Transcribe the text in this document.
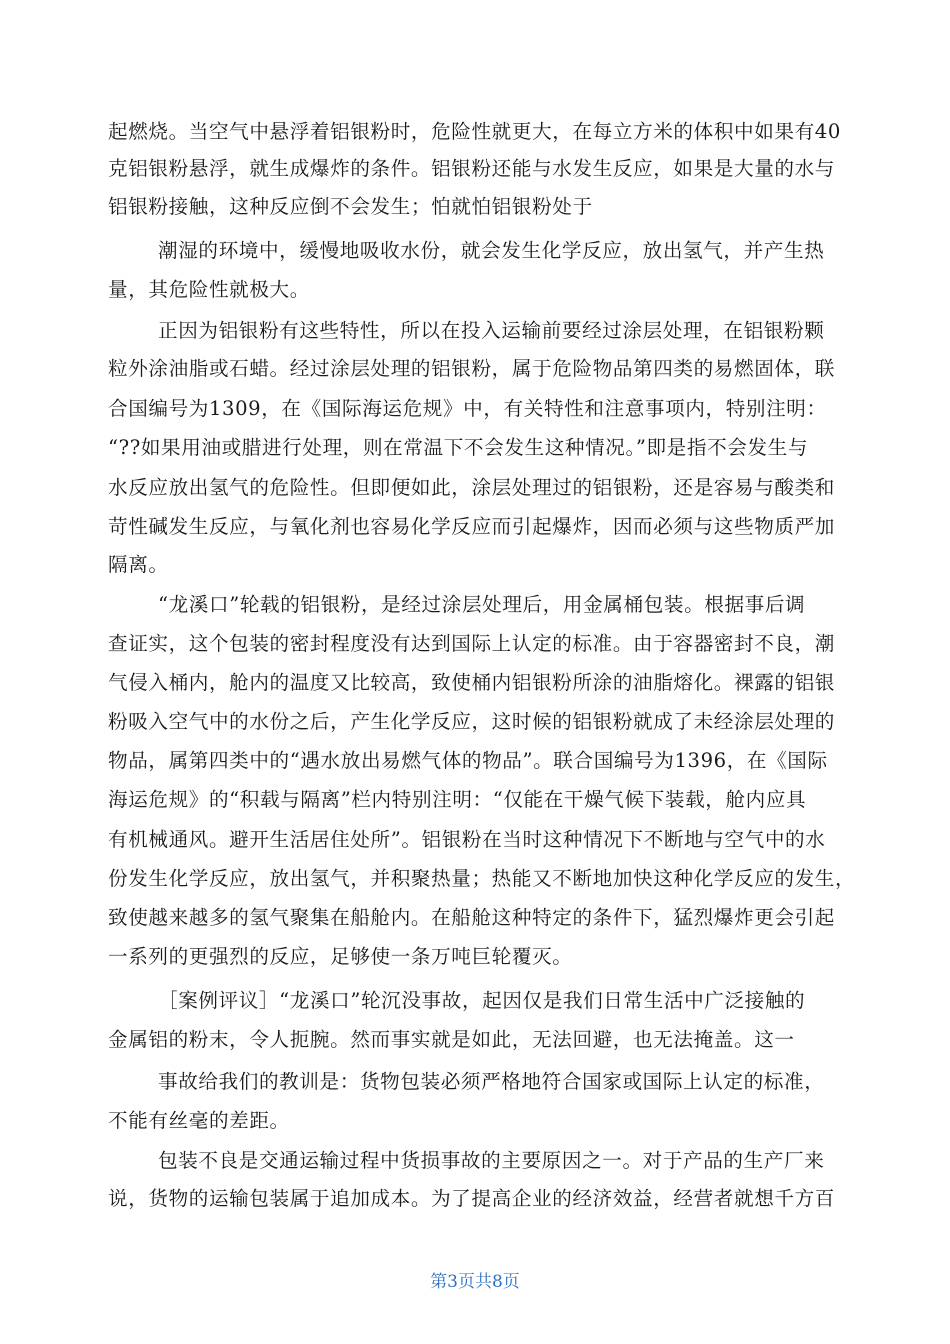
起燃烧。当空气中悬浮着铝银粉时，危险性就更大，在每立方米的体积中如果有40
克铝银粉悬浮，就生成爆炸的条件。铝银粉还能与水发生反应，如果是大量的水与
铝银粉接触，这种反应倒不会发生；怕就怕铝银粉处于
潮湿的环境中，缓慢地吸收水份，就会发生化学反应，放出氢气，并产生热
量，其危险性就极大。
正因为铝银粉有这些特性，所以在投入运输前要经过涂层处理，在铝银粉颗
粒外涂油脂或石蜡。经过涂层处理的铝银粉，属于危险物品第四类的易燃固体，联
合国编号为1309，在《国际海运危规》中，有关特性和注意事项内，特别注明：
“??如果用油或腊进行处理，则在常温下不会发生这种情况。”即是指不会发生与
水反应放出氢气的危险性。但即便如此，涂层处理过的铝银粉，还是容易与酸类和
苛性碱发生反应，与氧化剂也容易化学反应而引起爆炸，因而必须与这些物质严加
隔离。
“龙溪口”轮载的铝银粉，是经过涂层处理后，用金属桶包装。根据事后调
查证实，这个包装的密封程度没有达到国际上认定的标准。由于容器密封不良，潮
气侵入桶内，舱内的温度又比较高，致使桶内铝银粉所涂的油脂熔化。裸露的铝银
粉吸入空气中的水份之后，产生化学反应，这时候的铝银粉就成了未经涂层处理的
物品，属第四类中的“遇水放出易燃气体的物品”。联合国编号为1396，在《国际
海运危规》的“积载与隔离”栏内特别注明：“仅能在干燥气候下装载，舱内应具
有机械通风。避开生活居住处所”。铝银粉在当时这种情况下不断地与空气中的水
份发生化学反应，放出氢气，并积聚热量；热能又不断地加快这种化学反应的发生，
致使越来越多的氢气聚集在船舱内。在船舱这种特定的条件下，猛烈爆炸更会引起
一系列的更强烈的反应，足够使一条万吨巨轮覆灭。
［案例评议］“龙溪口”轮沉没事故，起因仅是我们日常生活中广泛接触的
金属铝的粉末，令人扼腕。然而事实就是如此，无法回避，也无法掩盖。这一
事故给我们的教训是：货物包装必须严格地符合国家或国际上认定的标准，
不能有丝毫的差距。
包装不良是交通运输过程中货损事故的主要原因之一。对于产品的生产厂来
说，货物的运输包装属于追加成本。为了提高企业的经济效益，经营者就想千方百
第3页共8页
